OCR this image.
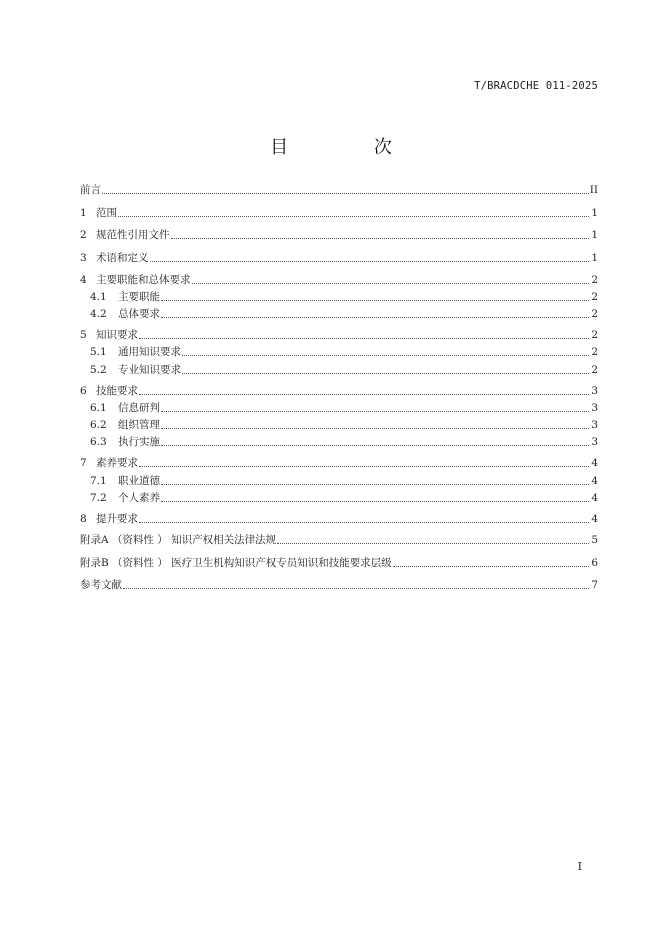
T/BRACDCHE 011-2025
目 次
前言	II
1 范围	1
2 规范性引用文件	1
3 术语和定义	1
4 主要职能和总体要求	2
4.1	主要职能	2
4.2	总体要求	2
5 知识要求	2
5.1	通用知识要求	2
5.2	专业知识要求	2
6 技能要求	3
6.1	信息研判	3
6.2	组织管理	3
6.3	执行实施	3
7 素养要求	4
7.1	职业道德	4
7.2	个人素养	4
8 提升要求	4
附录A （资料性 ） 知识产权相关法律法规	5
附录B （资料性 ） 医疗卫生机构知识产权专员知识和技能要求层级	6
参考文献	7
I
